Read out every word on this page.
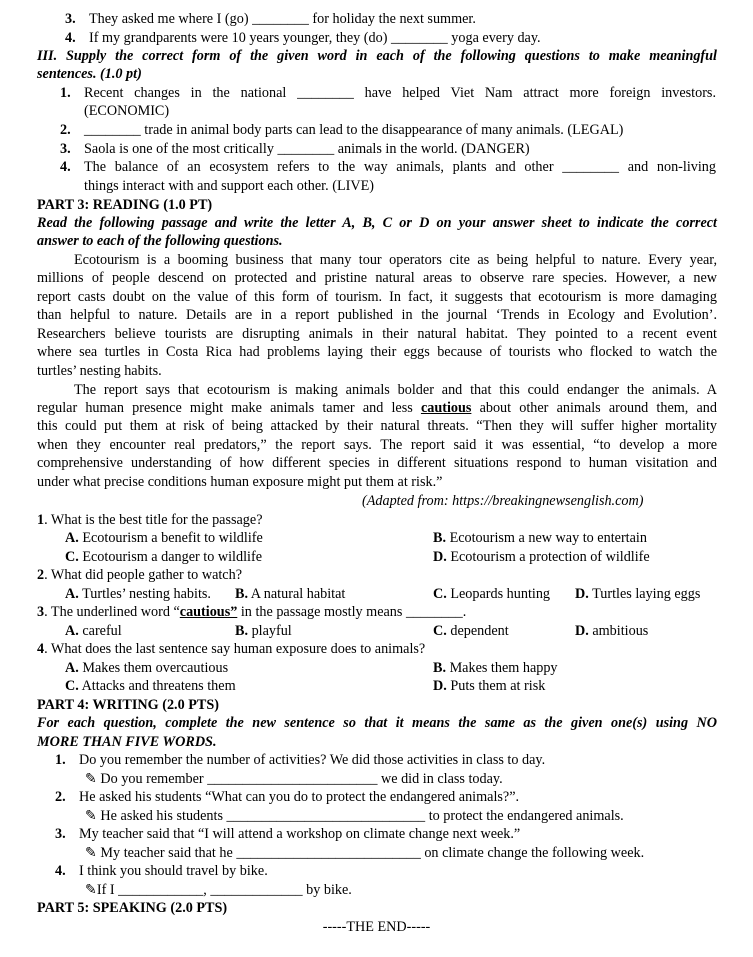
3. They asked me where I (go) ________ for holiday the next summer.
4. If my grandparents were 10 years younger, they (do) ________ yoga every day.
III. Supply the correct form of the given word in each of the following questions to make meaningful
sentences. (1.0 pt)
1. Recent changes in the national ________ have helped Viet Nam attract more foreign investors.
(ECONOMIC)
2. ________ trade in animal body parts can lead to the disappearance of many animals. (LEGAL)
3. Saola is one of the most critically ________ animals in the world. (DANGER)
4. The balance of an ecosystem refers to the way animals, plants and other ________ and non-living
things interact with and support each other. (LIVE)
PART 3: READING (1.0 PT)
Read the following passage and write the letter A, B, C or D on your answer sheet to indicate the correct
answer to each of the following questions.
Ecotourism is a booming business that many tour operators cite as being helpful to nature. Every year,
millions of people descend on protected and pristine natural areas to observe rare species. However, a new
report casts doubt on the value of this form of tourism. In fact, it suggests that ecotourism is more damaging
than helpful to nature. Details are in a report published in the journal ‘Trends in Ecology and Evolution’.
Researchers believe tourists are disrupting animals in their natural habitat. They pointed to a recent event
where sea turtles in Costa Rica had problems laying their eggs because of tourists who flocked to watch the
turtles’ nesting habits.
The report says that ecotourism is making animals bolder and that this could endanger the animals. A
regular human presence might make animals tamer and less cautious about other animals around them, and
this could put them at risk of being attacked by their natural threats. “Then they will suffer higher mortality
when they encounter real predators,” the report says. The report said it was essential, “to develop a more
comprehensive understanding of how different species in different situations respond to human visitation and
under what precise conditions human exposure might put them at risk.”
(Adapted from: https://breakingnewsenglish.com)
1. What is the best title for the passage?
A. Ecotourism a benefit to wildlife	B. Ecotourism a new way to entertain
C. Ecotourism a danger to wildlife	D. Ecotourism a protection of wildlife
2. What did people gather to watch?
A. Turtles’ nesting habits. B. A natural habitat	C. Leopards hunting D. Turtles laying eggs
3. The underlined word “cautious” in the passage mostly means ________.
A. careful	B. playful	C. dependent	D. ambitious
4. What does the last sentence say human exposure does to animals?
A. Makes them overcautious	B. Makes them happy
C. Attacks and threatens them	D. Puts them at risk
PART 4: WRITING (2.0 PTS)
For each question, complete the new sentence so that it means the same as the given one(s) using NO
MORE THAN FIVE WORDS.
1. Do you remember the number of activities? We did those activities in class to day.
✎ Do you remember ________________________ we did in class today.
2. He asked his students “What can you do to protect the endangered animals?”.
✎ He asked his students ____________________________ to protect the endangered animals.
3. My teacher said that “I will attend a workshop on climate change next week.”
✎ My teacher said that he __________________________ on climate change the following week.
4. I think you should travel by bike.
✎If I ____________, _____________ by bike.
PART 5: SPEAKING (2.0 PTS)
-----THE END-----
